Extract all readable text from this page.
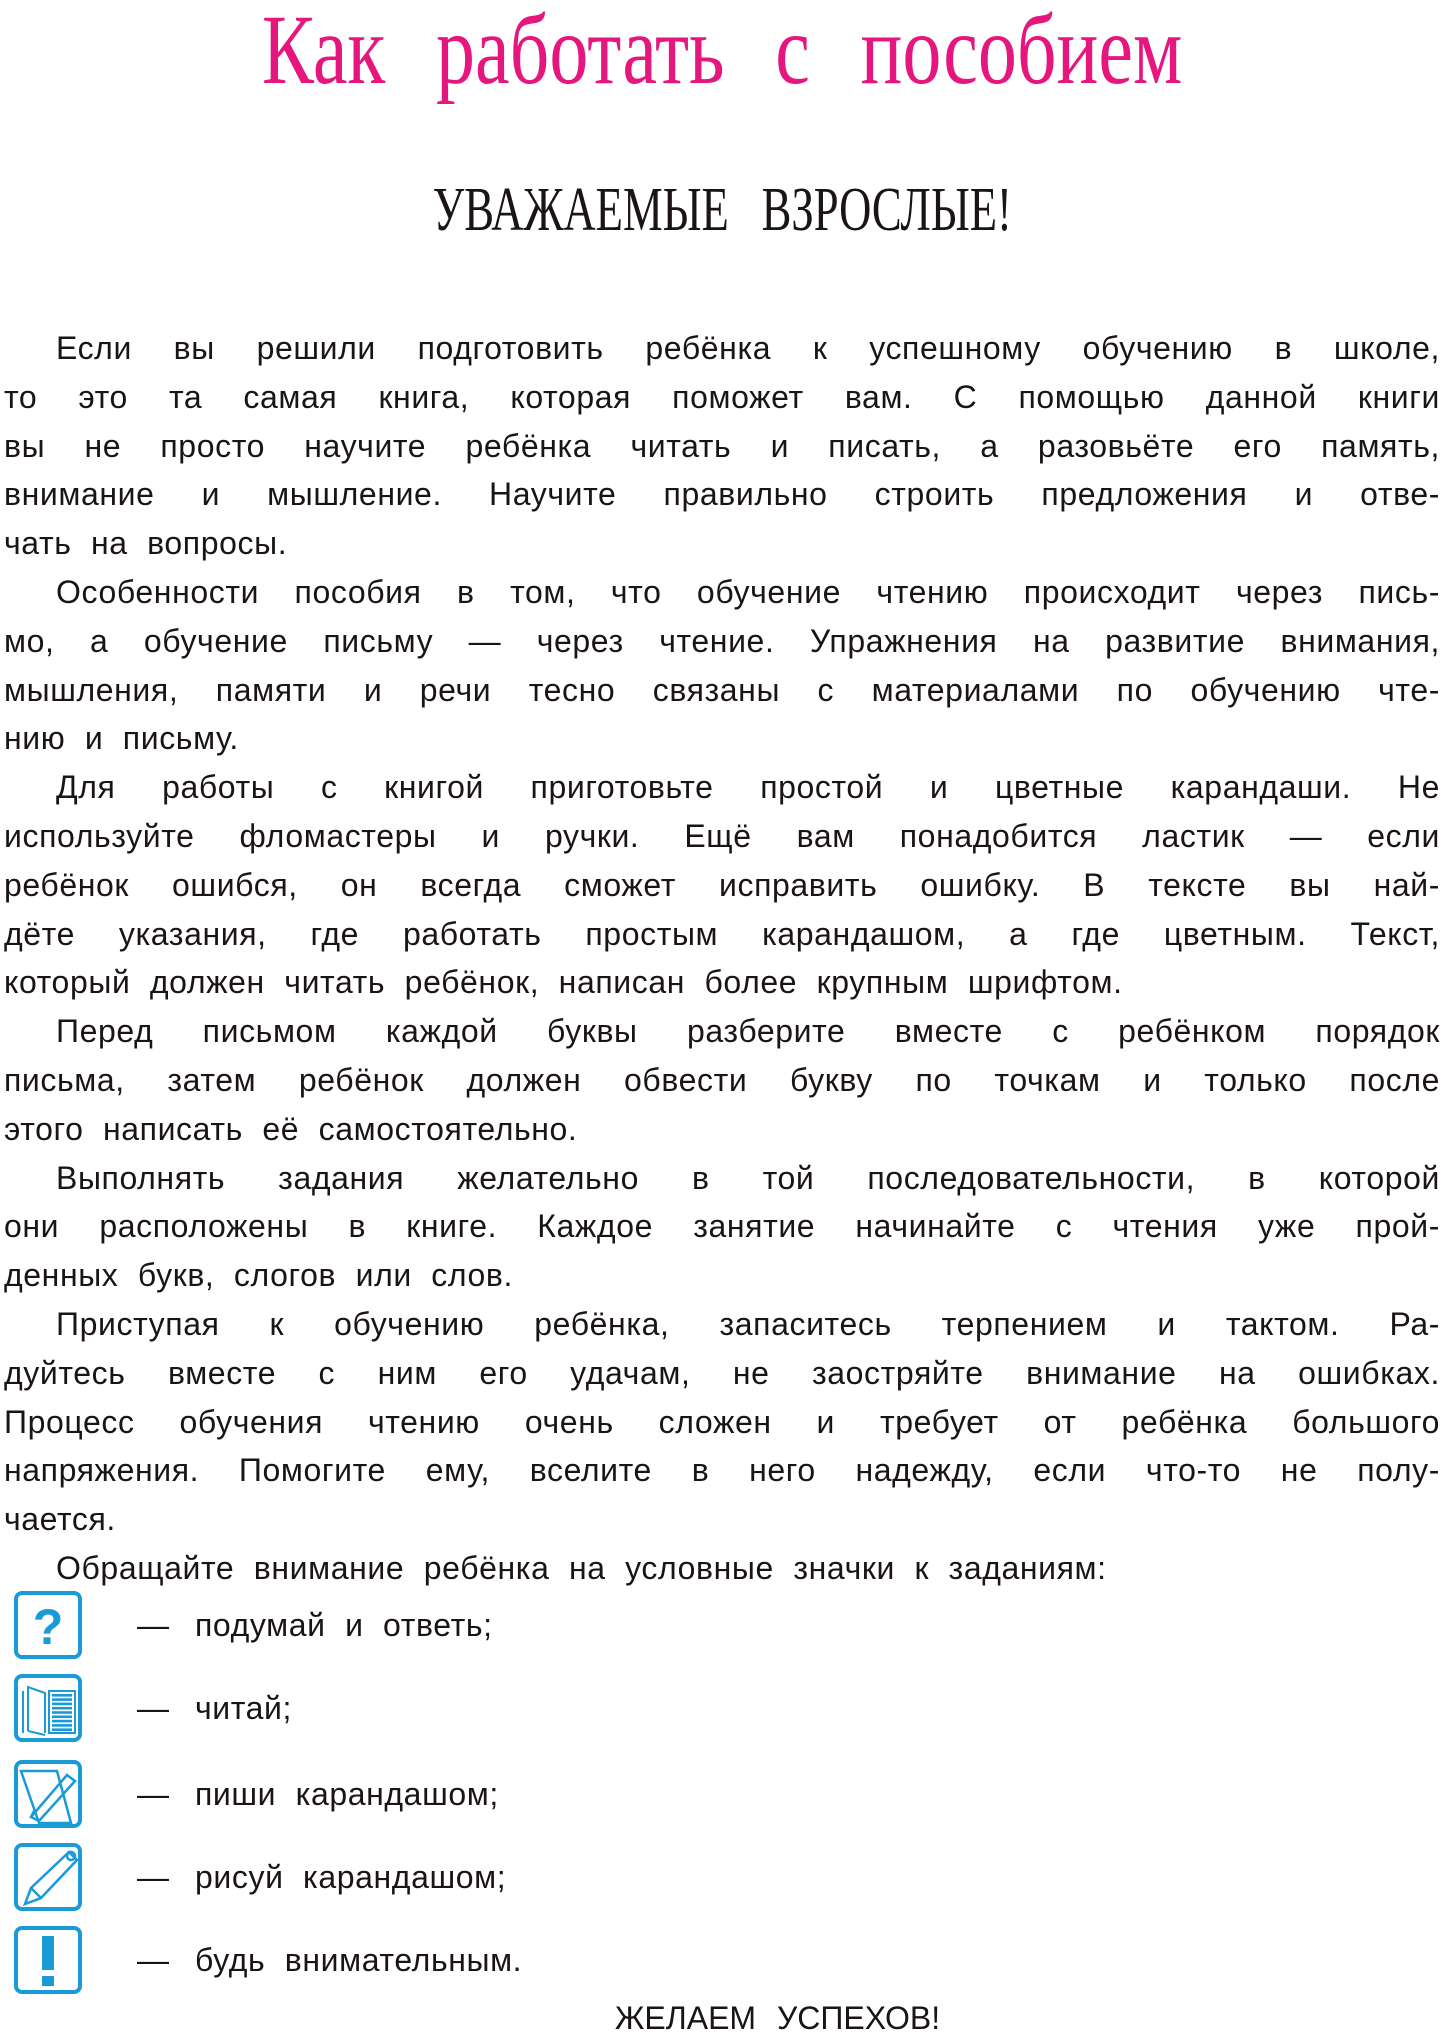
Как работать с пособием
УВАЖАЕМЫЕ ВЗРОСЛЫЕ!
Если вы решили подготовить ребёнка к успешному обучению в школе,
то это та самая книга, которая поможет вам. С помощью данной книги
вы не просто научите ребёнка читать и писать, а разовьёте его память,
внимание и мышление. Научите правильно строить предложения и отве-
чать на вопросы.
Особенности пособия в том, что обучение чтению происходит через пись-
мо, а обучение письму — через чтение. Упражнения на развитие внимания,
мышления, памяти и речи тесно связаны с материалами по обучению чте-
нию и письму.
Для работы с книгой приготовьте простой и цветные карандаши. Не
используйте фломастеры и ручки. Ещё вам понадобится ластик — если
ребёнок ошибся, он всегда сможет исправить ошибку. В тексте вы най-
дёте указания, где работать простым карандашом, а где цветным. Текст,
который должен читать ребёнок, написан более крупным шрифтом.
Перед письмом каждой буквы разберите вместе с ребёнком порядок
письма, затем ребёнок должен обвести букву по точкам и только после
этого написать её самостоятельно.
Выполнять задания желательно в той последовательности, в которой
они расположены в книге. Каждое занятие начинайте с чтения уже прой-
денных букв, слогов или слов.
Приступая к обучению ребёнка, запаситесь терпением и тактом. Ра-
дуйтесь вместе с ним его удачам, не заостряйте внимание на ошибках.
Процесс обучения чтению очень сложен и требует от ребёнка большого
напряжения. Помогите ему, вселите в него надежду, если что-то не полу-
чается.
Обращайте внимание ребёнка на условные значки к заданиям:
? — подумай и ответь;
— читай;
— пиши карандашом;
— рисуй карандашом;
— будь внимательным.
ЖЕЛАЕМ УСПЕХОВ!
